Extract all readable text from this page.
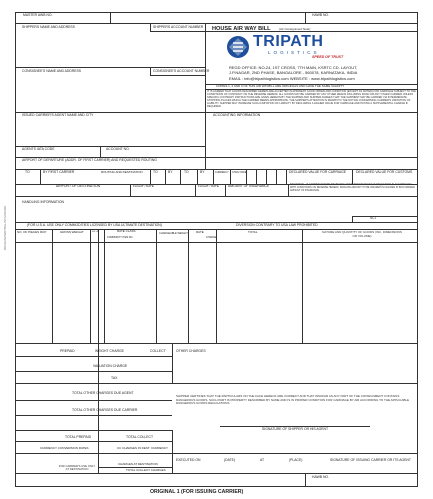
BOOK/AIRWAYBILL/STANDARD
MASTER AWB NO.	HAWB NO.
SHIPPERS NAME AND ADDRESS	SHIPPERS ACCOUNT NUMBER
CONSIGNEE'S NAME AND ADDRESS	CONSIGNEE'S ACCOUNT NUMBER
HOUSE AIR WAY BILL	(Air Consignment Note)
TRIPATH
LOGISTICS
SPEED OF TRUST
REGD OFFICE: NO-24, 1ST CROSS, 7TH MAIN, KSRTC CD. LAYOUT,
J.P.NAGAR, 2ND PHASE, BANGALORE - 560078, KARNATAKA, INDIA
EMAIL : info@tripathlogistics.com WEBSITE : www.tripathlogistics.com
COPIES 1, 2 AND 3 OF THIS AIR WAYBILL ARE ORIGINALS AND HAVE THE SAME VALIDITY
IT IS AGREED THAT GOODS DESCRIBED HEREIN ARE ACCEPTED IN APPARENT GOOD ORDER AND CONDITION (EXCEPT AS NOTED) FOR CARRIAGE SUBJECT TO THE CONDITIONS OF CONTRACT ON THE REVERSE HEREOF. ALL GOODS MAY BE CARRIED BY ANY OTHER MEANS INCLUDING ROAD OR ANY OTHER CARRIER UNLESS SPECIFIC CONTRARY INSTRUCTIONS ARE GIVEN HEREON BY THE SHIPPER AND SHIPPER AGREES THAT THE SHIPMENT MAY BE CARRIED VIA INTERMEDIATE STOPPING PLACES WHICH THE CARRIER DEEMS APPROPRIATE. THE SHIPPER'S ATTENTION IS DRAWN TO THE NOTICE CONCERNING CARRIER'S LIMITATION OF LIABILITY. SHIPPER MAY INCREASE SUCH LIMITATION OF LIABILITY BY DECLARING A HIGHER VALUE FOR CARRIAGE AND PAYING A SUPPLEMENTAL CHARGE IF REQUIRED.
ISSUED CARRIER'S AGENT NAME AND CITY	ACCOUNTING INFORMATION
AGENTS IATA CODE	ACCOUNT NO.
AIRPORT OF DEPARTURE (ADDR. OF FIRST CARRIER) AND REQUESTED ROUTING
TO	BY FIRST CARRIER	ROUTING AND DESTINATION	TO	BY	TO	BY	CURRENCY CHGS CODE	DECLARED VALUE FOR CARRIAGE	DECLARED VALUE FOR CUSTOMS
AIRPORT OF DESTINATION	FLIGHT / DATE	FLIGHT / DATE	AMOUNT OF INSURANCE	INSURANCE - IF CARRIER OFFERS INSURANCE AND SUCH INSURANCE IS REQUESTED IN ACCORDANCE WITH CONDITIONS ON REVERSE HEREOF, INDICATE AMOUNT TO BE INSURED IN FIGURES IN BOX MARKED AMOUNT OF INSURANCE
HANDLING INFORMATION
SCI
(FOR U.S.A. USE ONLY COMMODITIES LICENSED BY USA ULTIMATE DESTINATION)	DIVERSION CONTRARY TO USA LAW PROHIBITED
NO. OF PIECES RCP	GROSS WEIGHT	KG LB	RATE CLASS
COMMODITY ITEM NO.
CHARGEABLE WEIGHT	RATE
CHARGE
TOTAL	NATURE AND QUANTITY OF GOODS (INC. DIMENSIONS OR VOLUME)
PREPAID	WEIGHT CHARGE	COLLECT	OTHER CHARGES
VALUATION CHARGE
TAX
TOTAL OTHER CHARGES DUE AGENT
SHIPPER CERTIFIES THAT THE PARTICULARS ON THE FACE HEREOF ARE CORRECT AND THAT INSOFAR AS ANY PART OF THE CONSIGNMENT CONTAINS DANGEROUS GOODS, SUCH PART IS PROPERTY DESCRIBED BY NAME AND IS IN PROPER CONDITION FOR CARRIAGE BY AIR ACCORDING TO THE APPLICABLE DANGEROUS GOODS REGULATIONS
TOTAL OTHER CHARGES DUE CARRIER
SIGNATURE OF SHIPPER OR HIS AGENT
TOTAL PREPAID	TOTAL COLLECT
CURRENCY CONVERSION RATES	CC CHARGES IN DEST. CURRENCY
EXECUTED ON	(DATE)	AT	(PLACE)	SIGNATURE OF ISSUING CARRIER OR ITS AGENT
FOR CARRIER'S USE ONLY AT DESTINATION
CHARGES AT DESTINATION
TOTAL COLLECT CHARGES
HAWB NO.
ORIGINAL 1 (FOR ISSUING CARRIER)
